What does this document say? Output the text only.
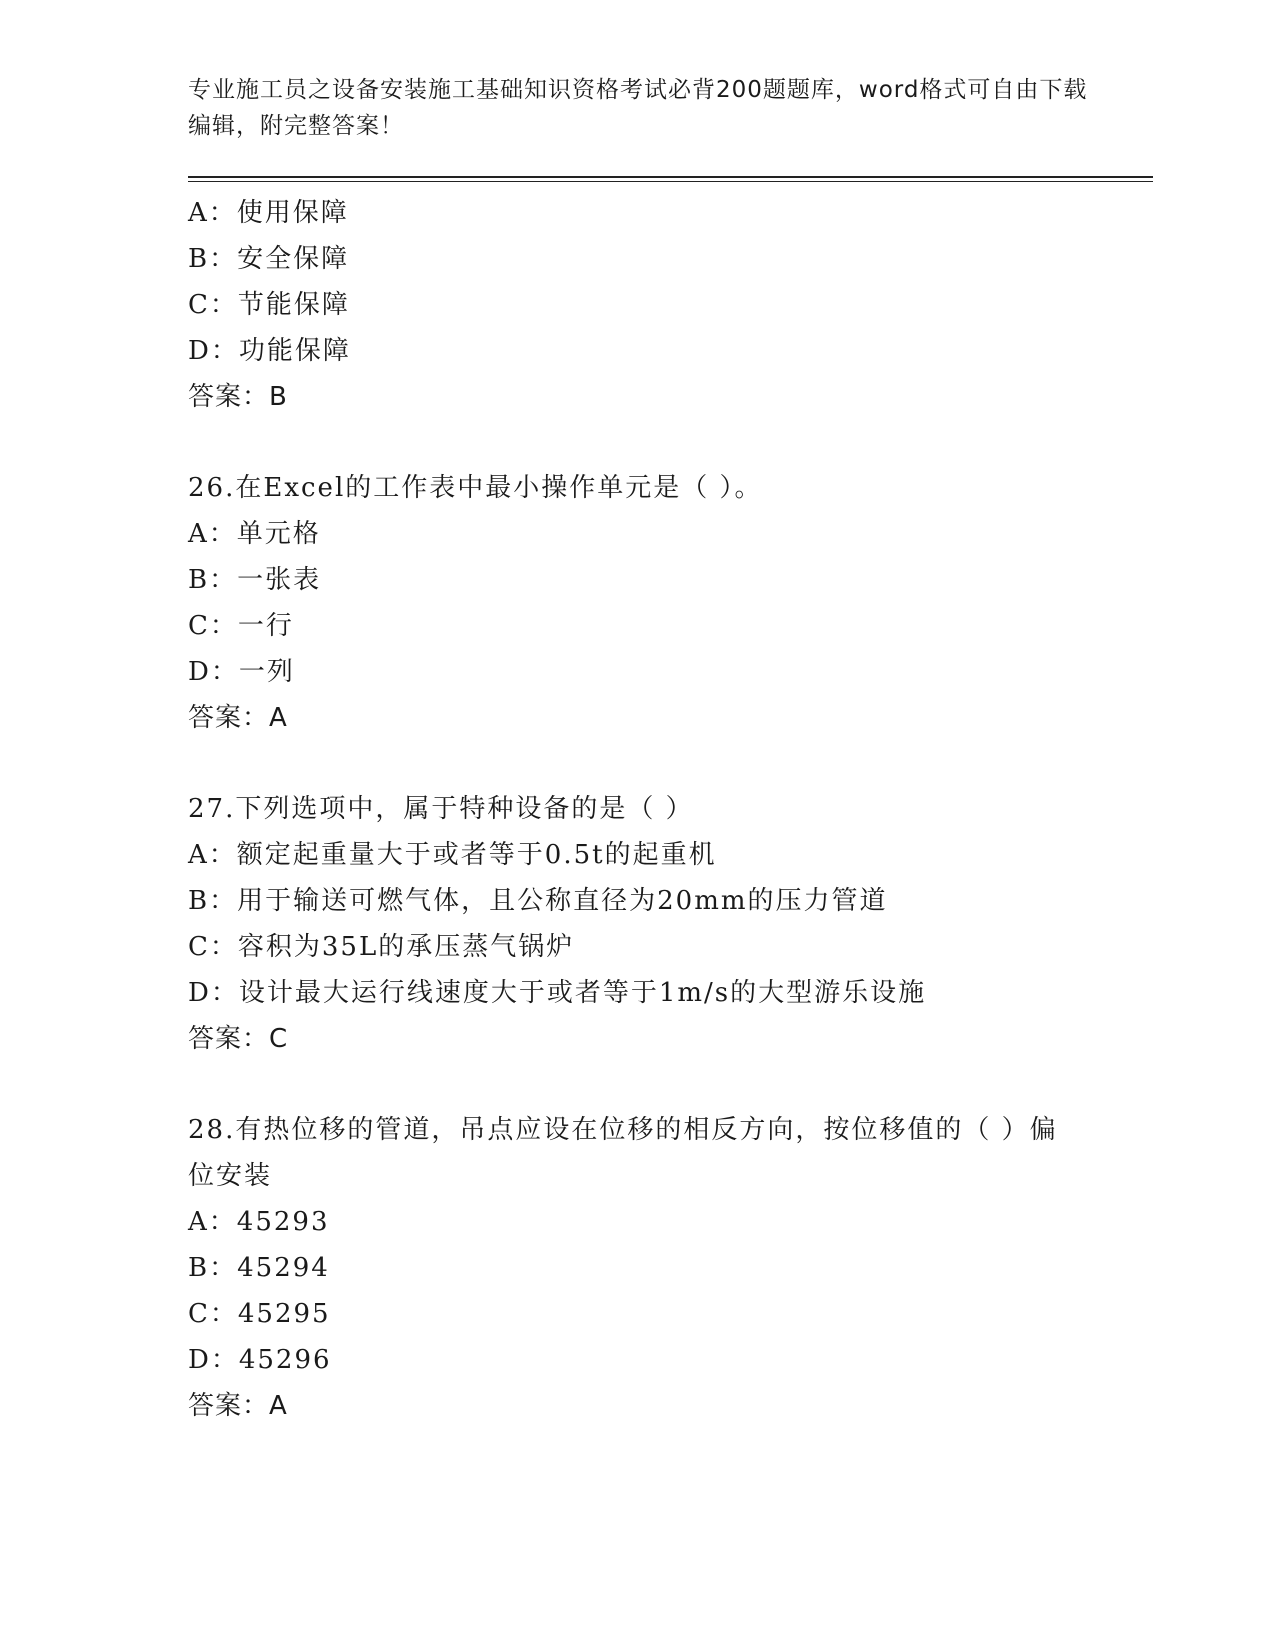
专业施工员之设备安装施工基础知识资格考试必背200题题库，word格式可自由下载编辑，附完整答案！
A：使用保障
B：安全保障
C：节能保障
D：功能保障
答案：B
26.在Excel的工作表中最小操作单元是（ ）。
A：单元格
B：一张表
C：一行
D：一列
答案：A
27.下列选项中，属于特种设备的是（ ）
A：额定起重量大于或者等于0.5t的起重机
B：用于输送可燃气体，且公称直径为20mm的压力管道
C：容积为35L的承压蒸气锅炉
D：设计最大运行线速度大于或者等于1m/s的大型游乐设施
答案：C
28.有热位移的管道，吊点应设在位移的相反方向，按位移值的（ ）偏位安装
A：45293
B：45294
C：45295
D：45296
答案：A
